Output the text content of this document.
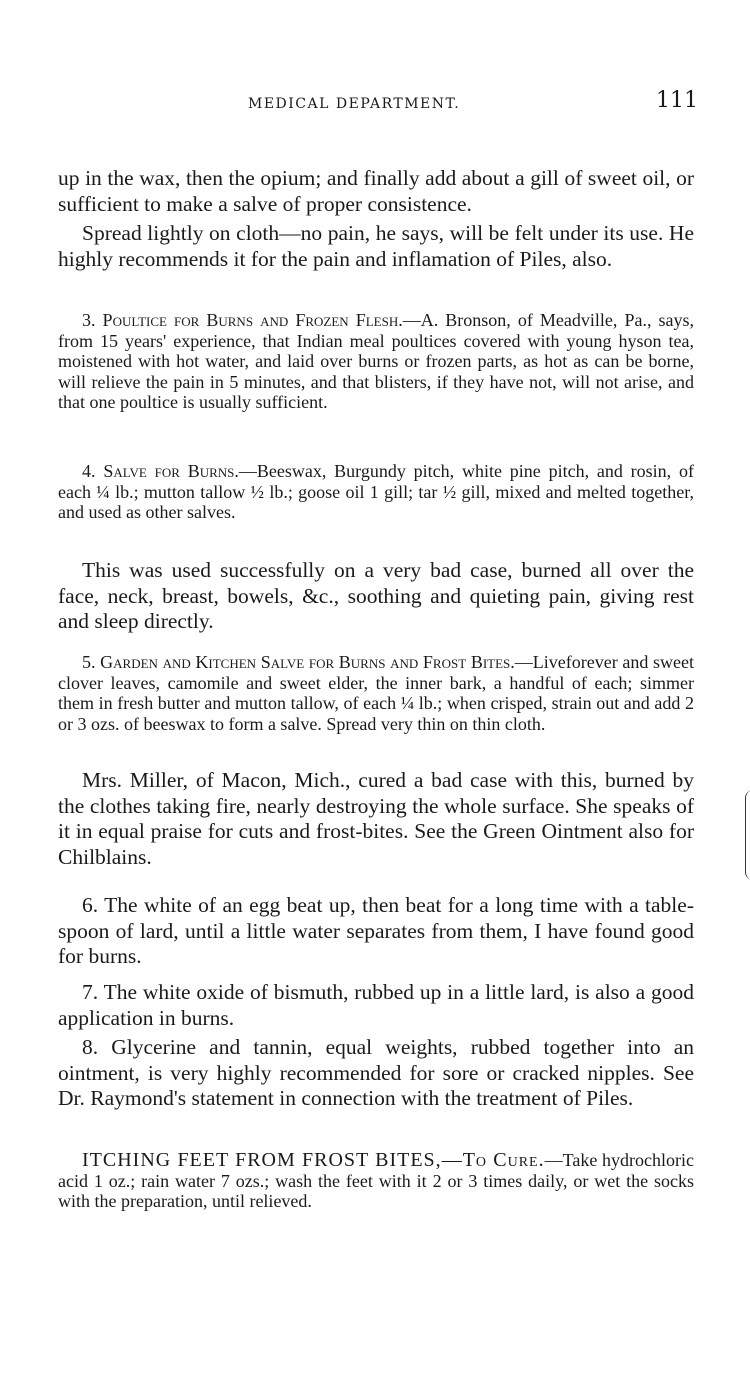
MEDICAL DEPARTMENT.	111

up in the wax, then the opium; and finally add about a gill of sweet oil, or sufficient to make a salve of proper consistence.

Spread lightly on cloth—no pain, he says, will be felt under its use. He highly recommends it for the pain and inflamation of Piles, also.

3. Poultice for Burns and Frozen Flesh.—A. Bronson, of Meadville, Pa., says, from 15 years' experience, that Indian meal poultices covered with young hyson tea, moistened with hot water, and laid over burns or frozen parts, as hot as can be borne, will relieve the pain in 5 minutes, and that blisters, if they have not, will not arise, and that one poultice is usually sufficient.

4. Salve for Burns.—Beeswax, Burgundy pitch, white pine pitch, and rosin, of each ¼ lb.; mutton tallow ½ lb.; goose oil 1 gill; tar ½ gill, mixed and melted together, and used as other salves.

This was used successfully on a very bad case, burned all over the face, neck, breast, bowels, &c., soothing and quieting pain, giving rest and sleep directly.

5. Garden and Kitchen Salve for Burns and Frost Bites.—Liveforever and sweet clover leaves, camomile and sweet elder, the inner bark, a handful of each; simmer them in fresh butter and mutton tallow, of each ¼ lb.; when crisped, strain out and add 2 or 3 ozs. of beeswax to form a salve. Spread very thin on thin cloth.

Mrs. Miller, of Macon, Mich., cured a bad case with this, burned by the clothes taking fire, nearly destroying the whole surface. She speaks of it in equal praise for cuts and frost-bites. See the Green Ointment also for Chilblains.

6. The white of an egg beat up, then beat for a long time with a table-spoon of lard, until a little water separates from them, I have found good for burns.

7. The white oxide of bismuth, rubbed up in a little lard, is also a good application in burns.

8. Glycerine and tannin, equal weights, rubbed together into an ointment, is very highly recommended for sore or cracked nipples. See Dr. Raymond's statement in connection with the treatment of Piles.

ITCHING FEET FROM FROST BITES,—To Cure.—Take hydrochloric acid 1 oz.; rain water 7 ozs.; wash the feet with it 2 or 3 times daily, or wet the socks with the preparation, until relieved.
